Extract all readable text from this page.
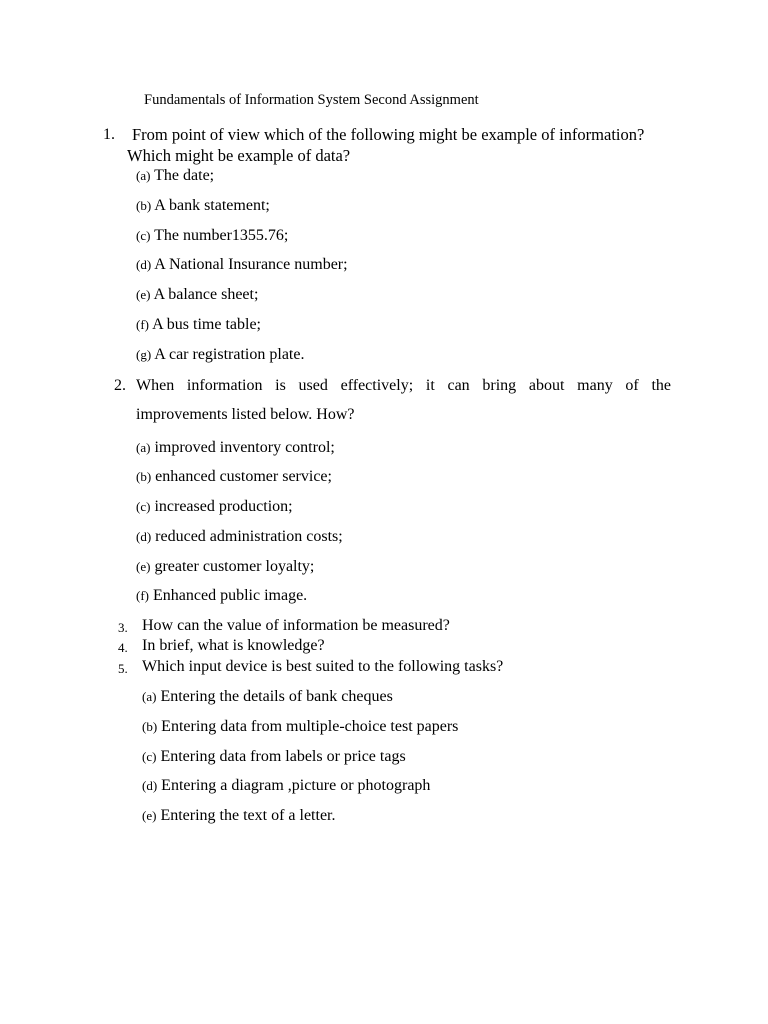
Fundamentals of Information System Second Assignment
1. From point of view which of the following might be example of information?
Which might be example of data?
(a) The date;
(b) A bank statement;
(c) The number1355.76;
(d) A National Insurance number;
(e) A balance sheet;
(f) A bus time table;
(g) A car registration plate.
2. When information is used effectively; it can bring about many of the
improvements listed below. How?
(a) improved inventory control;
(b) enhanced customer service;
(c) increased production;
(d) reduced administration costs;
(e) greater customer loyalty;
(f) Enhanced public image.
3. How can the value of information be measured?
4. In brief, what is knowledge?
5. Which input device is best suited to the following tasks?
(a) Entering the details of bank cheques
(b) Entering data from multiple-choice test papers
(c) Entering data from labels or price tags
(d) Entering a diagram ,picture or photograph
(e) Entering the text of a letter.
